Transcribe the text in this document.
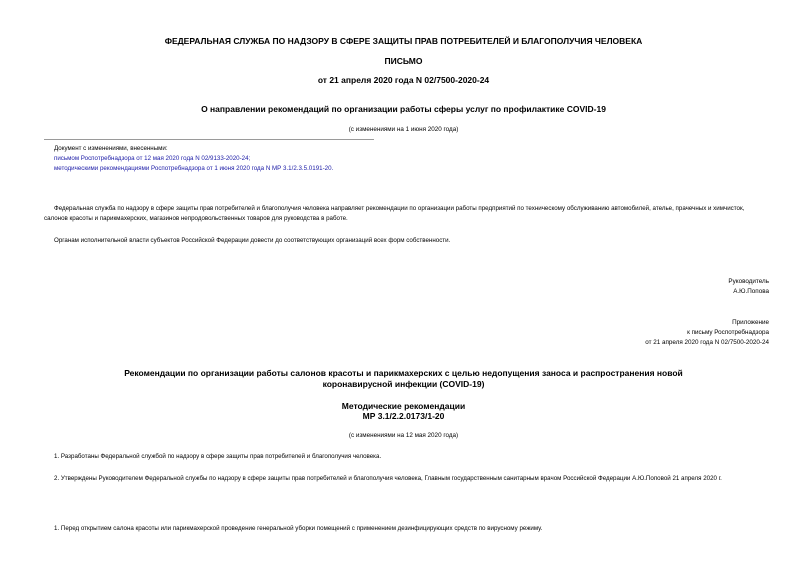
ФЕДЕРАЛЬНАЯ СЛУЖБА ПО НАДЗОРУ В СФЕРЕ ЗАЩИТЫ ПРАВ ПОТРЕБИТЕЛЕЙ И БЛАГОПОЛУЧИЯ ЧЕЛОВЕКА
ПИСЬМО
от 21 апреля 2020 года N 02/7500-2020-24
О направлении рекомендаций по организации работы сферы услуг по профилактике COVID-19
(с изменениями на 1 июня 2020 года)
Документ с изменениями, внесенными:
письмом Роспотребнадзора от 12 мая 2020 года N 02/9133-2020-24;
методическими рекомендациями Роспотребнадзора от 1 июня 2020 года N МР 3.1/2.3.5.0191-20.
Федеральная служба по надзору в сфере защиты прав потребителей и благополучия человека направляет рекомендации по организации работы предприятий по техническому обслуживанию автомобилей, ателье, прачечных и химчисток, салонов красоты и парикмахерских, магазинов непродовольственных товаров для руководства в работе.
Органам исполнительной власти субъектов Российской Федерации довести до соответствующих организаций всех форм собственности.
Руководитель
А.Ю.Попова
Приложение
к письму Роспотребнадзора
от 21 апреля 2020 года N 02/7500-2020-24
Рекомендации по организации работы салонов красоты и парикмахерских с целью недопущения заноса и распространения новой коронавирусной инфекции (COVID-19)
Методические рекомендации
МР 3.1/2.2.0173/1-20
(с изменениями на 12 мая 2020 года)
1. Разработаны Федеральной службой по надзору в сфере защиты прав потребителей и благополучия человека.
2. Утверждены Руководителем Федеральной службы по надзору в сфере защиты прав потребителей и благополучия человека, Главным государственным санитарным врачом Российской Федерации А.Ю.Поповой 21 апреля 2020 г.
1. Перед открытием салона красоты или парикмахерской проведение генеральной уборки помещений с применением дезинфицирующих средств по вирусному режиму.
